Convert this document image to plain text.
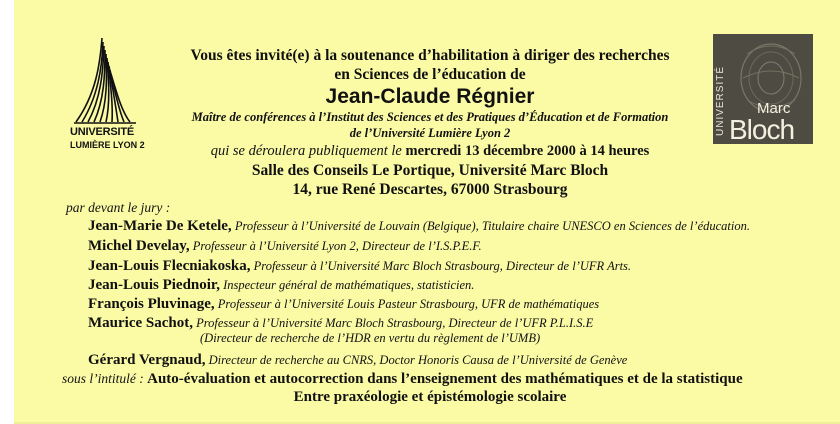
UNIVERSITÉ
LUMIÈRE LYON 2
UNIVERSITÉ Marc
Bloch
Vous êtes invité(e) à la soutenance d’habilitation à diriger des recherches
en Sciences de l’éducation de
Jean-Claude Régnier
Maître de conférences à l’Institut des Sciences et des Pratiques d’Éducation et de Formation
de l’Université Lumière Lyon 2
qui se déroulera publiquement le mercredi 13 décembre 2000 à 14 heures
Salle des Conseils Le Portique, Université Marc Bloch
14, rue René Descartes, 67000 Strasbourg
par devant le jury :
Jean-Marie De Ketele, Professeur à l’Université de Louvain (Belgique), Titulaire chaire UNESCO en Sciences de l’éducation.
Michel Develay, Professeur à l’Université Lyon 2, Directeur de l’I.S.P.E.F.
Jean-Louis Flecniakoska, Professeur à l’Université Marc Bloch Strasbourg, Directeur de l’UFR Arts.
Jean-Louis Piednoir, Inspecteur général de mathématiques, statisticien.
François Pluvinage, Professeur à l’Université Louis Pasteur Strasbourg, UFR de mathématiques
Maurice Sachot, Professeur à l’Université Marc Bloch Strasbourg, Directeur de l’UFR P.L.I.S.E
(Directeur de recherche de l’HDR en vertu du règlement de l’UMB)
Gérard Vergnaud, Directeur de recherche au CNRS, Doctor Honoris Causa de l’Université de Genève
sous l’intitulé : Auto-évaluation et autocorrection dans l’enseignement des mathématiques et de la statistique
Entre praxéologie et épistémologie scolaire
